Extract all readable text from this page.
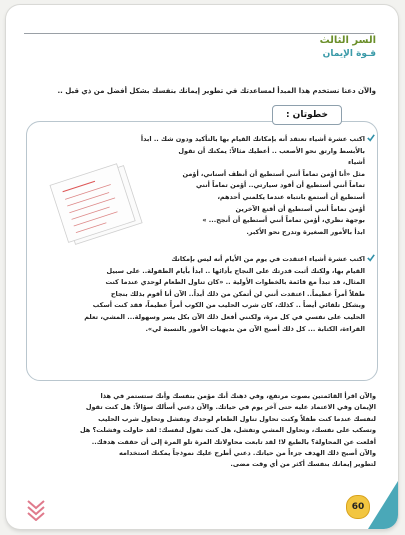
السر الثالث
قـوة الإيمان
والآن دعنا نستخدم هذا المبدأ لمساعدتك في تطوير إيمانك بنفسك بشكل أفضل من ذي قبل ..
اكتب عشرة أشياء تعتقد أنه بإمكانك القيام بها بالتأكيد ودون شك .. ابدأ
بالأبسط وارتق نحو الأصعب .. أعطيك مثالاً: يمكنك أن تقول أشياء
مثل «أنا أؤمن تماماً أنني أستطيع أن أنظف أسناني، أؤمن
تماماً أنني أستطيع أن أقود سيارتي.. أؤمن تماماً أنني
أستطيع أن أستمع بانتباه عندما يكلمني أحدهم،
أؤمن تماماً أنني أستطيع أن أقنع الآخرين
بوجهة نظري، أؤمن تماماً أنني أستطيع أن أنجح... »
ابدأ بالأمور الصغيرة وتدرج نحو الأكبر.
اكتب عشرة أشياء اعتقدت في يوم من الأيام أنه ليس بإمكانك
القيام بها، ولكنك أثبت قدرتك على النجاح بأدائها .. ابدأ بأيام الطفولة.. على سبيل
المثال، قد تبدأ مع قائمة بالخطوات الأولية .. «كان تناول الطعام لوحدي عندما كنت
طفلاً أمراً عظيماً.. اعتقدت أنني لن أتمكن من ذلك أبداً.. الآن أنا أقوم بذلك بنجاح
وبشكل تلقائي أيضاً .. كذلك، كان شرب الحليب من الكوب أمراً عظيماً، فقد كنت أسكب
الحليب على نفسي في كل مرة، ولكنني أفعل ذلك الآن بكل يسر وسهولة... المشي، تعلم
القراءة، الكتابة ... كل ذلك أصبح الآن من بديهيات الأمور بالنسبة لي».
خطوتان :
والآن اقرأ القائمتين بصوت مرتفع، وفي ذهنك أنك مؤمن بنفسك وأنك ستستمر في هذا
الإيمان وفي الاعتماد عليه حتى آخر يوم في حياتك. والآن دعني أسألك سؤالاً: هل كنت تقول
لنفسك عندما كنت طفلاً وكنت تحاول تناول الطعام لوحدك وتفشل وتحاول شرب الحليب
وتسكب على نفسك، وتحاول المشي وتفشل، هل كنت تقول لنفسك: لقد حاولت وفشلت؟ هل
أقلعت عن المحاولة؟ بالطبع لا! لقد تابعت محاولاتك المرة تلو المرة إلى أن حققت هدفك..
والآن أصبح ذلك الهدف جزءاً من حياتك. دعني أطرح عليك نموذجاً يمكنك استخدامه
لتطوير إيمانك بنفسك أكثر من أي وقت مضى.
60
